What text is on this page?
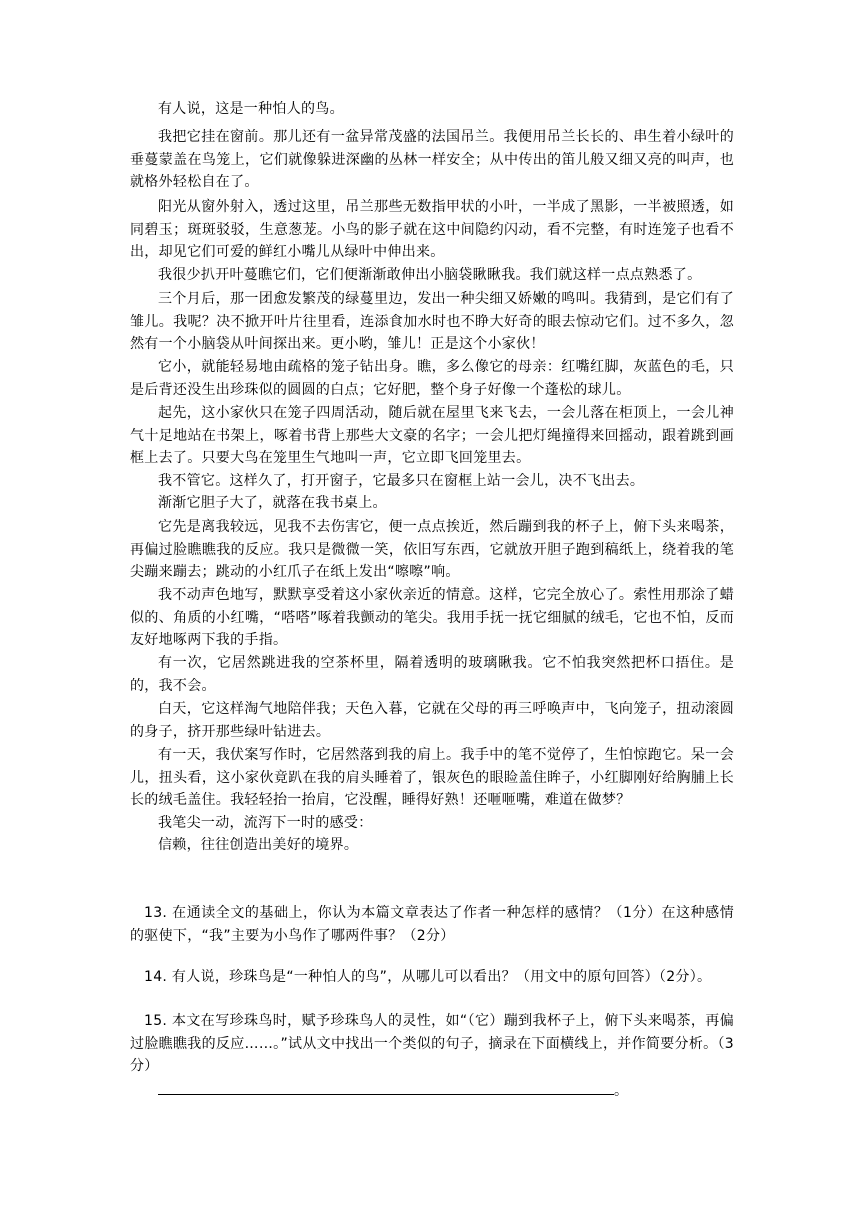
有人说，这是一种怕人的鸟。

我把它挂在窗前。那儿还有一盆异常茂盛的法国吊兰。我便用吊兰长长的、串生着小绿叶的垂蔓蒙盖在鸟笼上，它们就像躲进深幽的丛林一样安全；从中传出的笛儿般又细又亮的叫声，也就格外轻松自在了。

阳光从窗外射入，透过这里，吊兰那些无数指甲状的小叶，一半成了黑影，一半被照透，如同碧玉；斑斑驳驳，生意葱茏。小鸟的影子就在这中间隐约闪动，看不完整，有时连笼子也看不出，却见它们可爱的鲜红小嘴儿从绿叶中伸出来。

我很少扒开叶蔓瞧它们，它们便渐渐敢伸出小脑袋瞅瞅我。我们就这样一点点熟悉了。

三个月后，那一团愈发繁茂的绿蔓里边，发出一种尖细又娇嫩的鸣叫。我猜到，是它们有了雏儿。我呢？决不掀开叶片往里看，连添食加水时也不睁大好奇的眼去惊动它们。过不多久，忽然有一个小脑袋从叶间探出来。更小哟，雏儿！正是这个小家伙！

它小，就能轻易地由疏格的笼子钻出身。瞧，多么像它的母亲：红嘴红脚，灰蓝色的毛，只是后背还没生出珍珠似的圆圆的白点；它好肥，整个身子好像一个蓬松的球儿。

起先，这小家伙只在笼子四周活动，随后就在屋里飞来飞去，一会儿落在柜顶上，一会儿神气十足地站在书架上，啄着书背上那些大文豪的名字；一会儿把灯绳撞得来回摇动，跟着跳到画框上去了。只要大鸟在笼里生气地叫一声，它立即飞回笼里去。

我不管它。这样久了，打开窗子，它最多只在窗框上站一会儿，决不飞出去。

渐渐它胆子大了，就落在我书桌上。

它先是离我较远，见我不去伤害它，便一点点挨近，然后蹦到我的杯子上，俯下头来喝茶，再偏过脸瞧瞧我的反应。我只是微微一笑，依旧写东西，它就放开胆子跑到稿纸上，绕着我的笔尖蹦来蹦去；跳动的小红爪子在纸上发出“嚓嚓”响。

我不动声色地写，默默享受着这小家伙亲近的情意。这样，它完全放心了。索性用那涂了蜡似的、角质的小红嘴，“嗒嗒”啄着我颤动的笔尖。我用手抚一抚它细腻的绒毛，它也不怕，反而友好地啄两下我的手指。

有一次，它居然跳进我的空茶杯里，隔着透明的玻璃瞅我。它不怕我突然把杯口捂住。是的，我不会。

白天，它这样淘气地陪伴我；天色入暮，它就在父母的再三呼唤声中，飞向笼子，扭动滚圆的身子，挤开那些绿叶钻进去。

有一天，我伏案写作时，它居然落到我的肩上。我手中的笔不觉停了，生怕惊跑它。呆一会儿，扭头看，这小家伙竟趴在我的肩头睡着了，银灰色的眼睑盖住眸子，小红脚刚好给胸脯上长长的绒毛盖住。我轻轻抬一抬肩，它没醒，睡得好熟！还咂咂嘴，难道在做梦？

我笔尖一动，流泻下一时的感受：

信赖，往往创造出美好的境界。

13. 在通读全文的基础上，你认为本篇文章表达了作者一种怎样的感情？（1分）在这种感情的驱使下，“我”主要为小鸟作了哪两件事？（2分）

14. 有人说，珍珠鸟是“一种怕人的鸟”，从哪儿可以看出？（用文中的原句回答）（2分）。

15. 本文在写珍珠鸟时，赋予珍珠鸟人的灵性，如“（它）蹦到我杯子上，俯下头来喝茶，再偏过脸瞧瞧我的反应……。”试从文中找出一个类似的句子，摘录在下面横线上，并作简要分析。（3分）

。
